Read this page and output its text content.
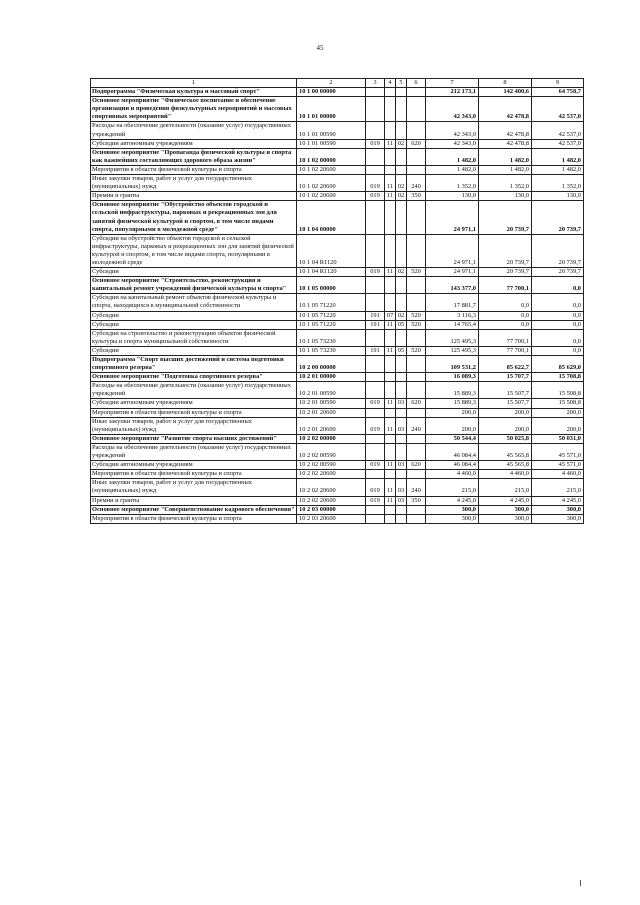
45
1	2	3	4	5	6	7	8	9
Подпрограмма "Физическая культура и массовый спорт"	10 1 00 00000					212 173,1	142 400,6	64 758,7
Основное мероприятие "Физическое воспитание и обеспечение организации и проведения физкультурных мероприятий и массовых спортивных мероприятий"	10 1 01 00000					42 343,0	42 478,8	42 537,0
Расходы на обеспечение деятельности (оказание услуг) государственных учреждений	10 1 01 00590					42 343,0	42 478,8	42 537,0
Субсидии автономным учреждениям	10 1 01 00590	019	11	02	620	42 343,0	42 478,8	42 537,0
Основное мероприятие "Пропаганда физической культуры и спорта как важнейших составляющих здорового образа жизни"	10 1 02 00000					1 482,0	1 482,0	1 482,0
Мероприятия в области физической культуры и спорта	10 1 02 20600					1 482,0	1 482,0	1 482,0
Иные закупки товаров, работ и услуг для государственных (муниципальных) нужд	10 1 02 20600	019	11	02	240	1 352,0	1 352,0	1 352,0
Премии и гранты	10 1 02 20600	019	11	02	350	130,0	130,0	130,0
Основное мероприятие "Обустройство объектов городской и сельской инфраструктуры, парковых и рекреационных зон для занятий физической культурой и спортом, в том числе видами спорта, популярными в молодежной среде"	10 1 04 00000					24 971,1	20 739,7	20 739,7
Субсидии на обустройство объектов городской и сельской инфраструктуры, парковых и рекреационных зон для занятий физической культурой и спортом, в том числе видами спорта, популярными в молодежной среде	10 1 04 R1120					24 971,1	20 739,7	20 739,7
Субсидии	10 1 04 R1120	019	11	02	520	24 971,1	20 739,7	20 739,7
Основное мероприятие "Строительство, реконструкция и капитальный ремонт учреждений физической культуры и спорта"	10 1 05 00000					143 377,0	77 700,1	0,0
Субсидии на капитальный ремонт объектов физической культуры и спорта, находящихся в муниципальной собственности	10 1 05 71220					17 881,7	0,0	0,0
Субсидии	10 1 05 71220	191	07	02	520	3 116,3	0,0	0,0
Субсидии	10 1 05 71220	191	11	05	520	14 765,4	0,0	0,0
Субсидии на строительство и реконструкцию объектов физической культуры и спорта муниципальной собственности	10 1 05 73230					125 495,3	77 700,1	0,0
Субсидии	10 1 05 73230	191	11	05	520	125 495,3	77 700,1	0,0
Подпрограмма "Спорт высших достижений и система подготовки спортивного резерва"	10 2 00 00000					109 531,2	85 622,7	85 629,0
Основное мероприятие "Подготовка спортивного резерва"	10 2 01 00000					16 089,3	15 707,7	15 708,8
Расходы на обеспечение деятельности (оказание услуг) государственных учреждений	10 2 01 00590					15 889,3	15 507,7	15 508,8
Субсидии автономным учреждениям	10 2 01 00590	019	11	03	620	15 889,3	15 507,7	15 508,8
Мероприятия в области физической культуры и спорта	10 2 01 20600					200,0	200,0	200,0
Иные закупки товаров, работ и услуг для государственных (муниципальных) нужд	10 2 01 20600	019	11	03	240	200,0	200,0	200,0
Основное мероприятие "Развитие спорта высших достижений"	10 2 02 00000					50 544,4	50 025,8	50 031,0
Расходы на обеспечение деятельности (оказание услуг) государственных учреждений	10 2 02 00590					46 084,4	45 565,8	45 571,0
Субсидии автономным учреждениям	10 2 02 00590	019	11	03	620	46 084,4	45 565,8	45 571,0
Мероприятия в области физической культуры и спорта	10 2 02 20600					4 460,0	4 460,0	4 460,0
Иные закупки товаров, работ и услуг для государственных (муниципальных) нужд	10 2 02 20600	019	11	03	240	215,0	215,0	215,0
Премии и гранты	10 2 02 20600	019	11	03	350	4 245,0	4 245,0	4 245,0
Основное мероприятие "Совершенствование кадрового обеспечения"	10 2 03 00000					300,0	300,0	300,0
Мероприятия в области физической культуры и спорта	10 2 03 20600					300,0	300,0	300,0
